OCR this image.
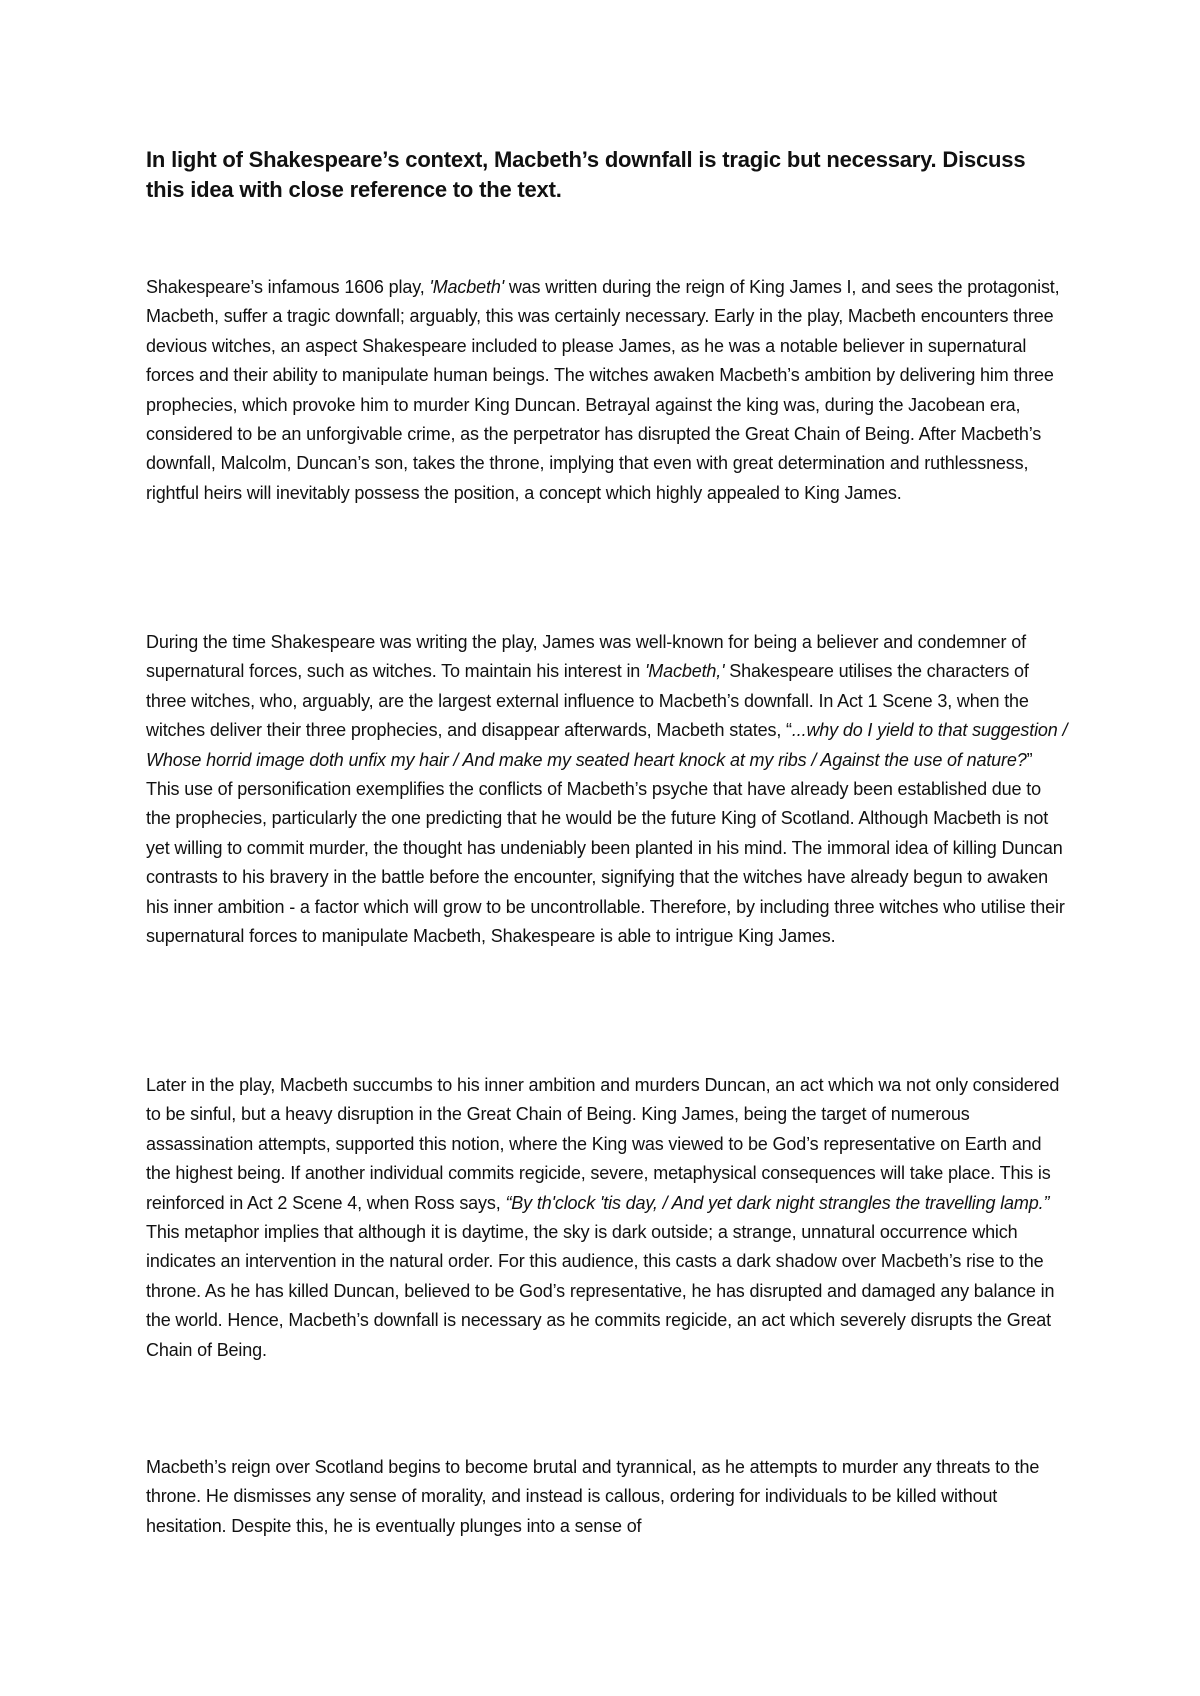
In light of Shakespeare’s context, Macbeth’s downfall is tragic but necessary. Discuss this idea with close reference to the text.

Shakespeare’s infamous 1606 play, 'Macbeth' was written during the reign of King James I, and sees the protagonist, Macbeth, suffer a tragic downfall; arguably, this was certainly necessary. Early in the play, Macbeth encounters three devious witches, an aspect Shakespeare included to please James, as he was a notable believer in supernatural forces and their ability to manipulate human beings. The witches awaken Macbeth’s ambition by delivering him three prophecies, which provoke him to murder King Duncan. Betrayal against the king was, during the Jacobean era, considered to be an unforgivable crime, as the perpetrator has disrupted the Great Chain of Being. After Macbeth’s downfall, Malcolm, Duncan’s son, takes the throne, implying that even with great determination and ruthlessness, rightful heirs will inevitably possess the position, a concept which highly appealed to King James.

During the time Shakespeare was writing the play, James was well-known for being a believer and condemner of supernatural forces, such as witches. To maintain his interest in 'Macbeth,' Shakespeare utilises the characters of three witches, who, arguably, are the largest external influence to Macbeth’s downfall. In Act 1 Scene 3, when the witches deliver their three prophecies, and disappear afterwards, Macbeth states, “...why do I yield to that suggestion / Whose horrid image doth unfix my hair / And make my seated heart knock at my ribs / Against the use of nature?” This use of personification exemplifies the conflicts of Macbeth’s psyche that have already been established due to the prophecies, particularly the one predicting that he would be the future King of Scotland. Although Macbeth is not yet willing to commit murder, the thought has undeniably been planted in his mind. The immoral idea of killing Duncan contrasts to his bravery in the battle before the encounter, signifying that the witches have already begun to awaken his inner ambition - a factor which will grow to be uncontrollable. Therefore, by including three witches who utilise their supernatural forces to manipulate Macbeth, Shakespeare is able to intrigue King James.

Later in the play, Macbeth succumbs to his inner ambition and murders Duncan, an act which wa not only considered to be sinful, but a heavy disruption in the Great Chain of Being. King James, being the target of numerous assassination attempts, supported this notion, where the King was viewed to be God’s representative on Earth and the highest being. If another individual commits regicide, severe, metaphysical consequences will take place. This is reinforced in Act 2 Scene 4, when Ross says, “By th'clock 'tis day, / And yet dark night strangles the travelling lamp.” This metaphor implies that although it is daytime, the sky is dark outside; a strange, unnatural occurrence which indicates an intervention in the natural order. For this audience, this casts a dark shadow over Macbeth’s rise to the throne. As he has killed Duncan, believed to be God’s representative, he has disrupted and damaged any balance in the world. Hence, Macbeth’s downfall is necessary as he commits regicide, an act which severely disrupts the Great Chain of Being.

Macbeth’s reign over Scotland begins to become brutal and tyrannical, as he attempts to murder any threats to the throne. He dismisses any sense of morality, and instead is callous, ordering for individuals to be killed without hesitation. Despite this, he is eventually plunges into a sense of
